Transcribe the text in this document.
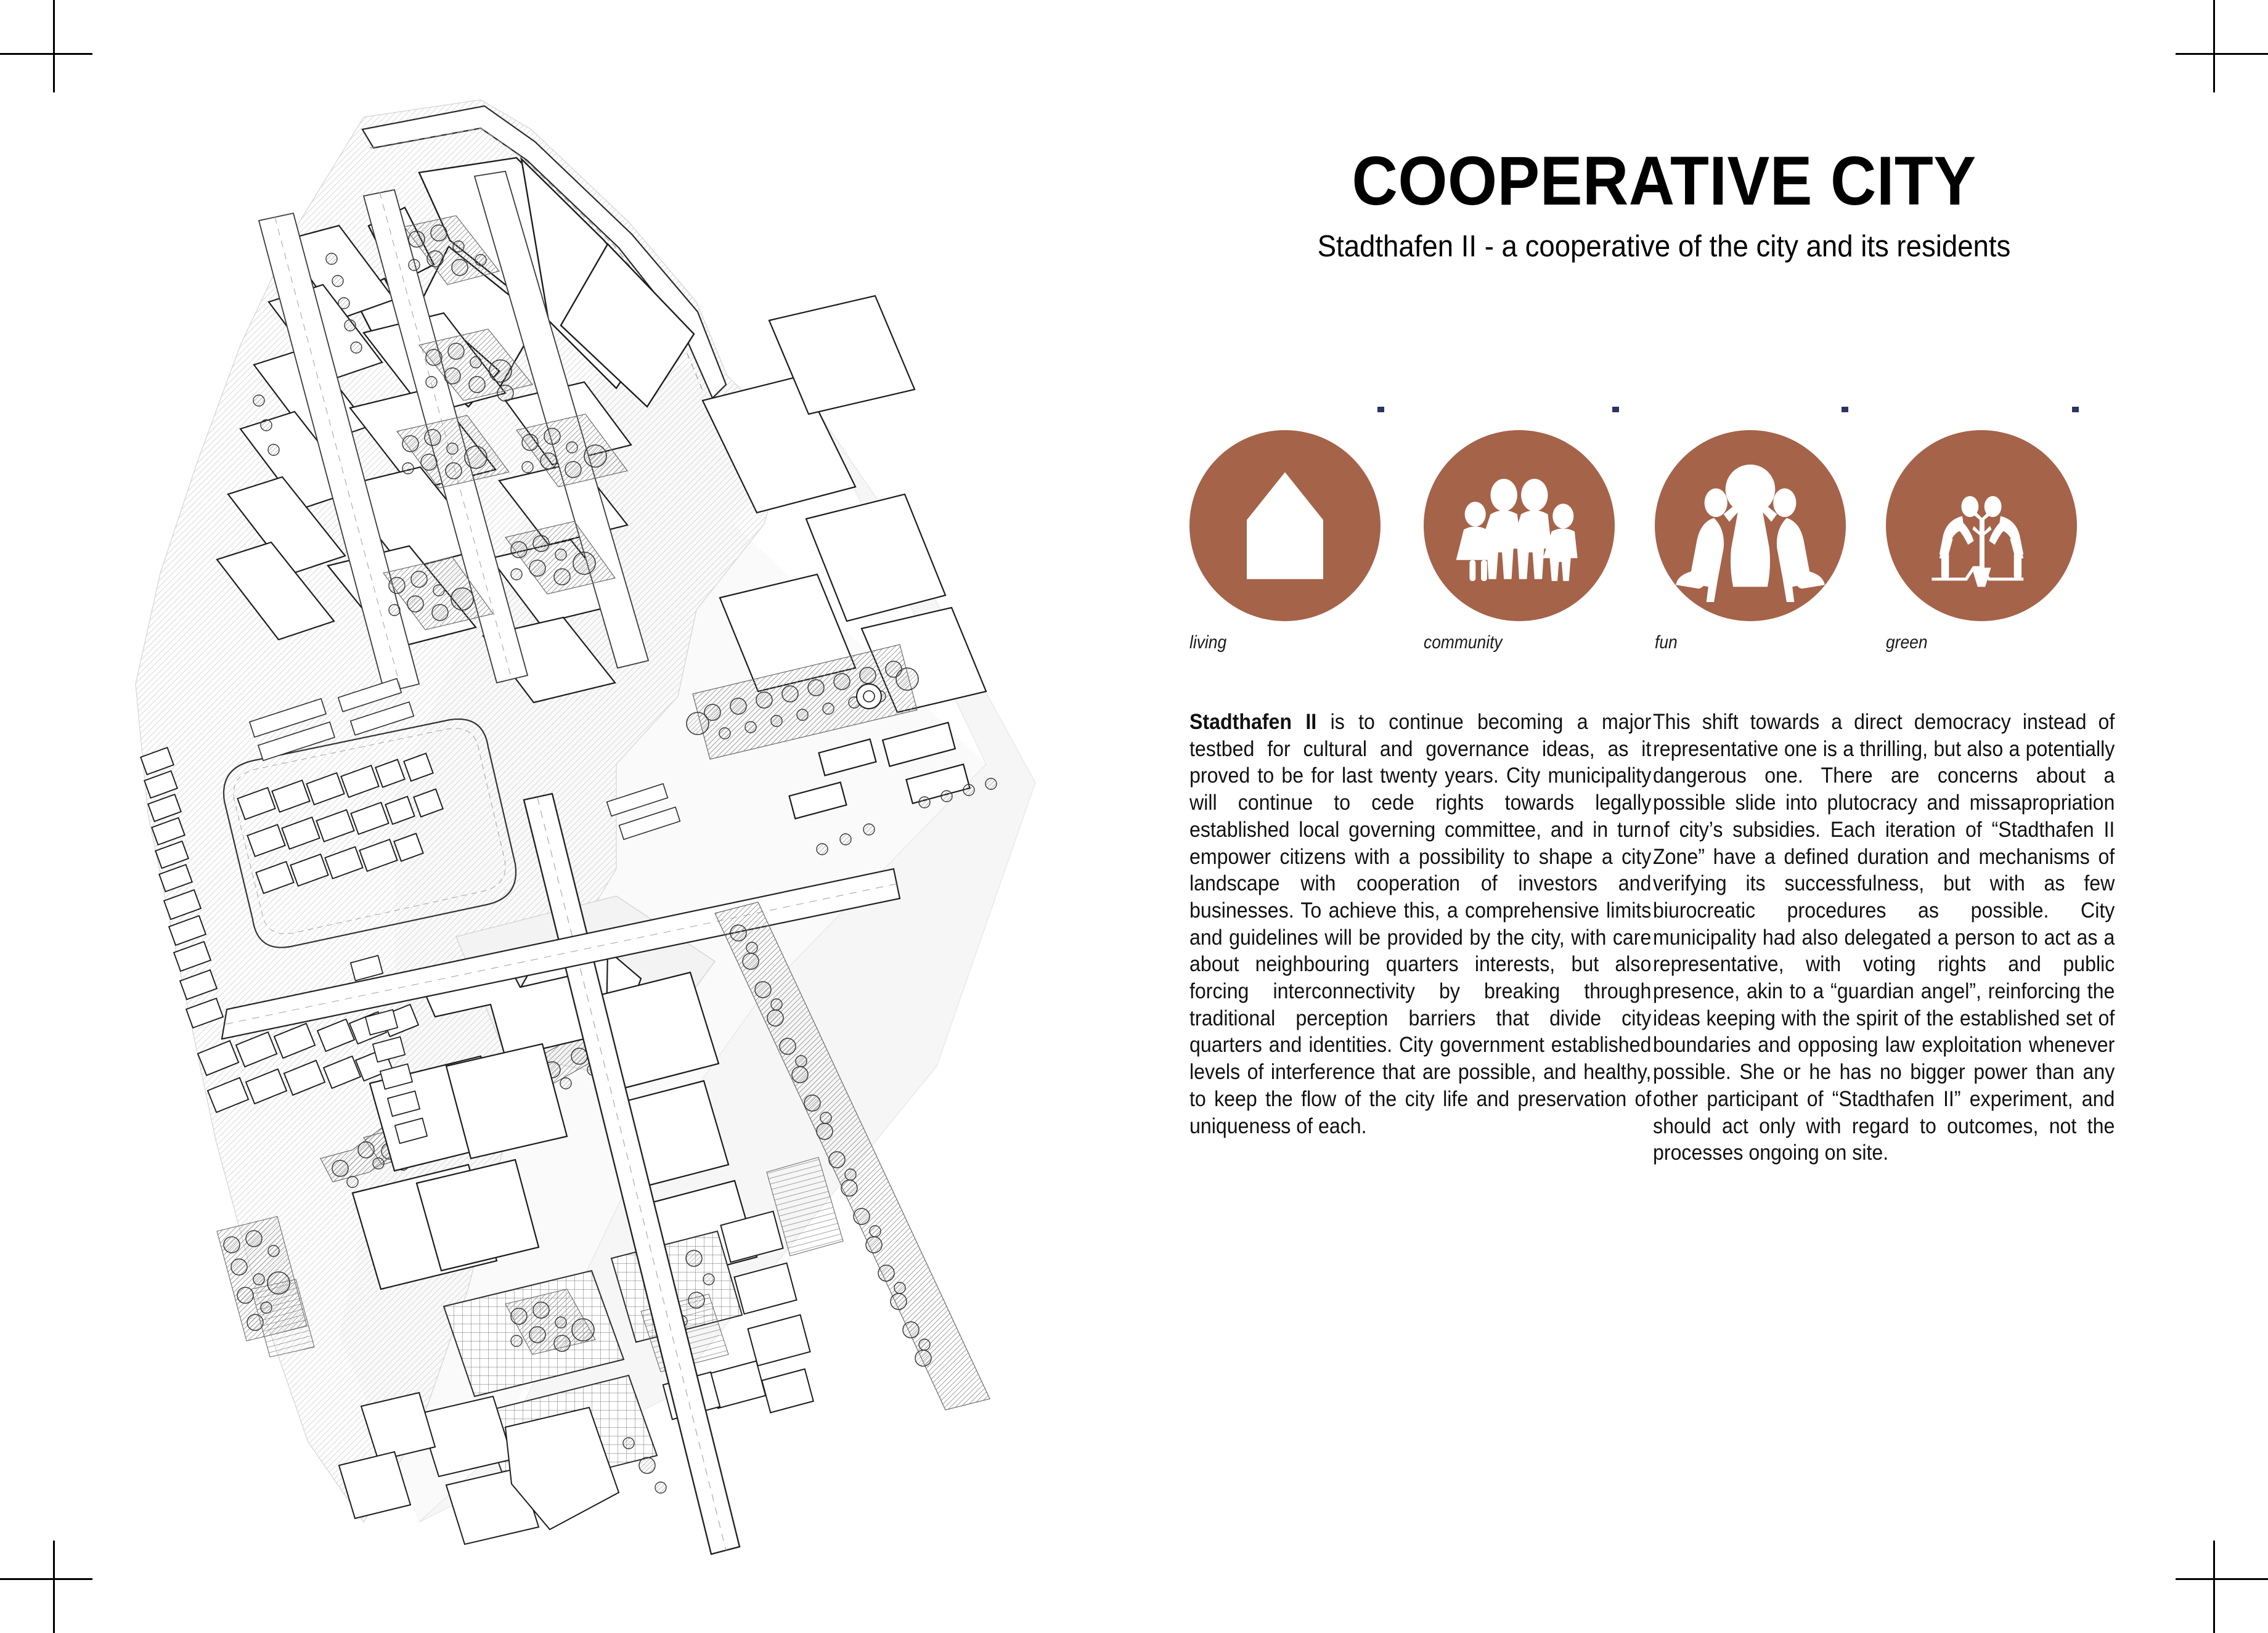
COOPERATIVE CITY
Stadthafen II - a cooperative of the city and its residents
living	community	fun	green
Stadthafen II is to continue becoming a major testbed for cultural and governance ideas, as it proved to be for last twenty years. City municipality will continue to cede rights towards legally established local governing committee, and in turn empower citizens with a possibility to shape a city landscape with cooperation of investors and businesses. To achieve this, a comprehensive limits and guidelines will be provided by the city, with care about neighbouring quarters interests, but also forcing interconnectivity by breaking through traditional perception barriers that divide city quarters and identities. City government established levels of interference that are possible, and healthy, to keep the flow of the city life and preservation of uniqueness of each.
This shift towards a direct democracy instead of representative one is a thrilling, but also a potentially dangerous one. There are concerns about a possible slide into plutocracy and missapropriation of city’s subsidies. Each iteration of “Stadthafen II Zone” have a defined duration and mechanisms of verifying its successfulness, but with as few biurocreatic procedures as possible. City municipality had also delegated a person to act as a representative, with voting rights and public presence, akin to a “guardian angel”, reinforcing the ideas keeping with the spirit of the established set of boundaries and opposing law exploitation whenever possible. She or he has no bigger power than any other participant of “Stadthafen II” experiment, and should act only with regard to outcomes, not the processes ongoing on site.
